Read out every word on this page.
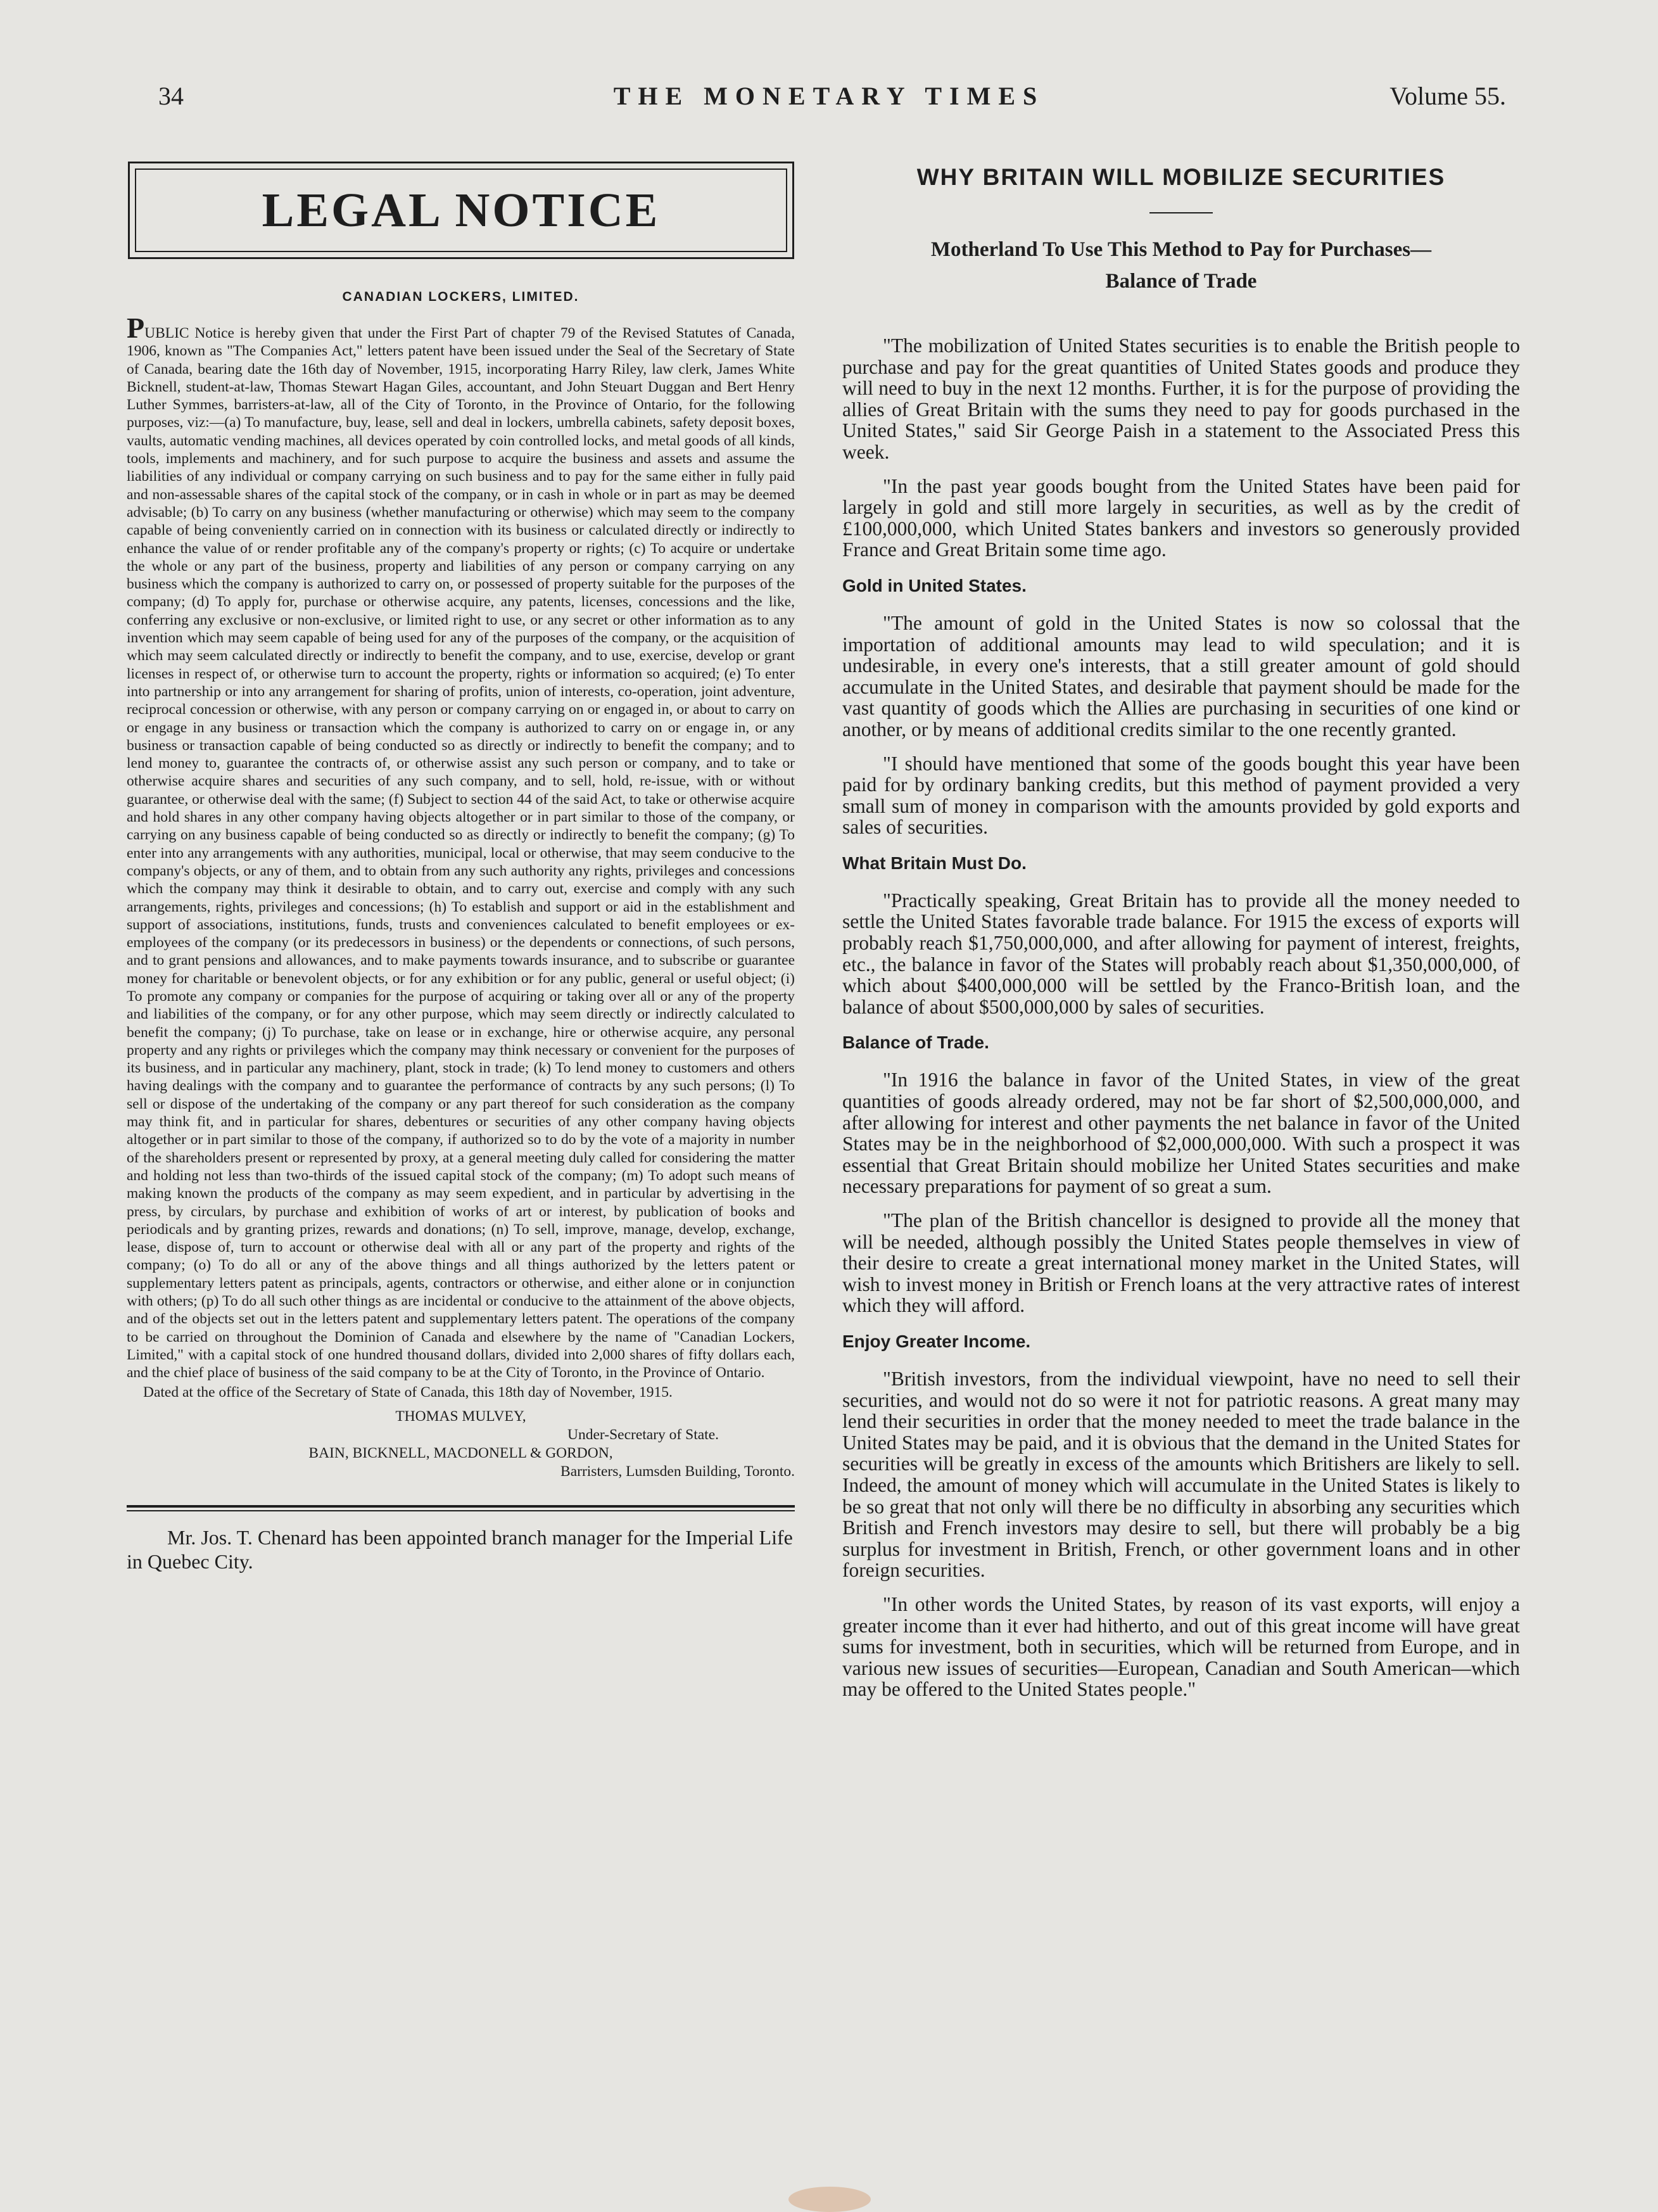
34	THE MONETARY TIMES	Volume 55.
LEGAL NOTICE
CANADIAN LOCKERS, LIMITED.

PUBLIC Notice is hereby given that under the First Part of chapter 79 of the Revised Statutes of Canada, 1906, known as "The Companies Act," letters patent have been issued under the Seal of the Secretary of State of Canada, bearing date the 16th day of November, 1915, incorporating Harry Riley, law clerk, James White Bicknell, student-at-law, Thomas Stewart Hagan Giles, accountant, and John Steuart Duggan and Bert Henry Luther Symmes, barristers-at-law, all of the City of Toronto, in the Province of Ontario, for the following purposes, viz:—(a) To manufacture, buy, lease, sell and deal in lockers, umbrella cabinets, safety deposit boxes, vaults, automatic vending machines, all devices operated by coin controlled locks, and metal goods of all kinds, tools, implements and machinery, and for such purpose to acquire the business and assets and assume the liabilities of any individual or company carrying on such business and to pay for the same either in fully paid and non-assessable shares of the capital stock of the company, or in cash in whole or in part as may be deemed advisable; (b) To carry on any business (whether manufacturing or otherwise) which may seem to the company capable of being conveniently carried on in connection with its business or calculated directly or indirectly to enhance the value of or render profitable any of the company's property or rights; (c) To acquire or undertake the whole or any part of the business, property and liabilities of any person or company carrying on any business which the company is authorized to carry on, or possessed of property suitable for the purposes of the company; (d) To apply for, purchase or otherwise acquire, any patents, licenses, concessions and the like, conferring any exclusive or non-exclusive, or limited right to use, or any secret or other information as to any invention which may seem capable of being used for any of the purposes of the company, or the acquisition of which may seem calculated directly or indirectly to benefit the company, and to use, exercise, develop or grant licenses in respect of, or otherwise turn to account the property, rights or information so acquired; (e) To enter into partnership or into any arrangement for sharing of profits, union of interests, co-operation, joint adventure, reciprocal concession or otherwise, with any person or company carrying on or engaged in, or about to carry on or engage in any business or transaction which the company is authorized to carry on or engage in, or any business or transaction capable of being conducted so as directly or indirectly to benefit the company; and to lend money to, guarantee the contracts of, or otherwise assist any such person or company, and to take or otherwise acquire shares and securities of any such company, and to sell, hold, re-issue, with or without guarantee, or otherwise deal with the same; (f) Subject to section 44 of the said Act, to take or otherwise acquire and hold shares in any other company having objects altogether or in part similar to those of the company, or carrying on any business capable of being conducted so as directly or indirectly to benefit the company; (g) To enter into any arrangements with any authorities, municipal, local or otherwise, that may seem conducive to the company's objects, or any of them, and to obtain from any such authority any rights, privileges and concessions which the company may think it desirable to obtain, and to carry out, exercise and comply with any such arrangements, rights, privileges and concessions; (h) To establish and support or aid in the establishment and support of associations, institutions, funds, trusts and conveniences calculated to benefit employees or ex-employees of the company (or its predecessors in business) or the dependents or connections, of such persons, and to grant pensions and allowances, and to make payments towards insurance, and to subscribe or guarantee money for charitable or benevolent objects, or for any exhibition or for any public, general or useful object; (i) To promote any company or companies for the purpose of acquiring or taking over all or any of the property and liabilities of the company, or for any other purpose, which may seem directly or indirectly calculated to benefit the company; (j) To purchase, take on lease or in exchange, hire or otherwise acquire, any personal property and any rights or privileges which the company may think necessary or convenient for the purposes of its business, and in particular any machinery, plant, stock in trade; (k) To lend money to customers and others having dealings with the company and to guarantee the performance of contracts by any such persons; (l) To sell or dispose of the undertaking of the company or any part thereof for such consideration as the company may think fit, and in particular for shares, debentures or securities of any other company having objects altogether or in part similar to those of the company, if authorized so to do by the vote of a majority in number of the shareholders present or represented by proxy, at a general meeting duly called for considering the matter and holding not less than two-thirds of the issued capital stock of the company; (m) To adopt such means of making known the products of the company as may seem expedient, and in particular by advertising in the press, by circulars, by purchase and exhibition of works of art or interest, by publication of books and periodicals and by granting prizes, rewards and donations; (n) To sell, improve, manage, develop, exchange, lease, dispose of, turn to account or otherwise deal with all or any part of the property and rights of the company; (o) To do all or any of the above things and all things authorized by the letters patent or supplementary letters patent as principals, agents, contractors or otherwise, and either alone or in conjunction with others; (p) To do all such other things as are incidental or conducive to the attainment of the above objects, and of the objects set out in the letters patent and supplementary letters patent. The operations of the company to be carried on throughout the Dominion of Canada and elsewhere by the name of "Canadian Lockers, Limited," with a capital stock of one hundred thousand dollars, divided into 2,000 shares of fifty dollars each, and the chief place of business of the said company to be at the City of Toronto, in the Province of Ontario.

Dated at the office of the Secretary of State of Canada, this 18th day of November, 1915.

THOMAS MULVEY,
Under-Secretary of State.
BAIN, BICKNELL, MACDONELL & GORDON,
Barristers, Lumsden Building, Toronto.
Mr. Jos. T. Chenard has been appointed branch manager for the Imperial Life in Quebec City.
WHY BRITAIN WILL MOBILIZE SECURITIES
Motherland To Use This Method to Pay for Purchases—
Balance of Trade

"The mobilization of United States securities is to enable the British people to purchase and pay for the great quantities of United States goods and produce they will need to buy in the next 12 months. Further, it is for the purpose of providing the allies of Great Britain with the sums they need to pay for goods purchased in the United States," said Sir George Paish in a statement to the Associated Press this week.

"In the past year goods bought from the United States have been paid for largely in gold and still more largely in securities, as well as by the credit of £100,000,000, which United States bankers and investors so generously provided France and Great Britain some time ago.

Gold in United States.

"The amount of gold in the United States is now so colossal that the importation of additional amounts may lead to wild speculation; and it is undesirable, in every one's interests, that a still greater amount of gold should accumulate in the United States, and desirable that payment should be made for the vast quantity of goods which the Allies are purchasing in securities of one kind or another, or by means of additional credits similar to the one recently granted.

"I should have mentioned that some of the goods bought this year have been paid for by ordinary banking credits, but this method of payment provided a very small sum of money in comparison with the amounts provided by gold exports and sales of securities.

What Britain Must Do.

"Practically speaking, Great Britain has to provide all the money needed to settle the United States favorable trade balance. For 1915 the excess of exports will probably reach $1,750,000,000, and after allowing for payment of interest, freights, etc., the balance in favor of the States will probably reach about $1,350,000,000, of which about $400,000,000 will be settled by the Franco-British loan, and the balance of about $500,000,000 by sales of securities.

Balance of Trade.

"In 1916 the balance in favor of the United States, in view of the great quantities of goods already ordered, may not be far short of $2,500,000,000, and after allowing for interest and other payments the net balance in favor of the United States may be in the neighborhood of $2,000,000,000. With such a prospect it was essential that Great Britain should mobilize her United States securities and make necessary preparations for payment of so great a sum.

"The plan of the British chancellor is designed to provide all the money that will be needed, although possibly the United States people themselves in view of their desire to create a great international money market in the United States, will wish to invest money in British or French loans at the very attractive rates of interest which they will afford.

Enjoy Greater Income.

"British investors, from the individual viewpoint, have no need to sell their securities, and would not do so were it not for patriotic reasons. A great many may lend their securities in order that the money needed to meet the trade balance in the United States may be paid, and it is obvious that the demand in the United States for securities will be greatly in excess of the amounts which Britishers are likely to sell. Indeed, the amount of money which will accumulate in the United States is likely to be so great that not only will there be no difficulty in absorbing any securities which British and French investors may desire to sell, but there will probably be a big surplus for investment in British, French, or other government loans and in other foreign securities.

"In other words the United States, by reason of its vast exports, will enjoy a greater income than it ever had hitherto, and out of this great income will have great sums for investment, both in securities, which will be returned from Europe, and in various new issues of securities—European, Canadian and South American—which may be offered to the United States people."
